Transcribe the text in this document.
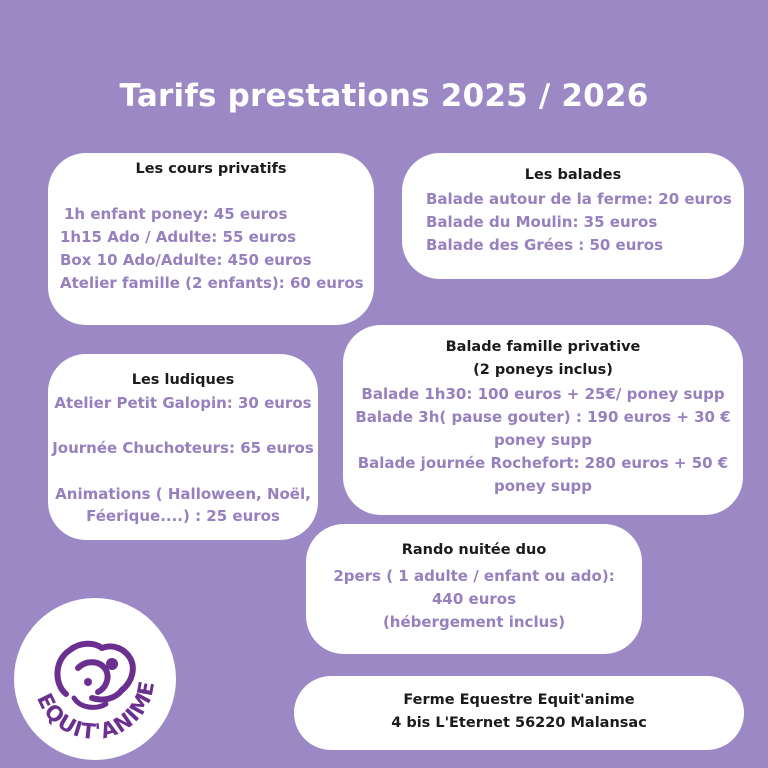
Tarifs prestations 2025 / 2026
Les cours privatifs
1h enfant poney: 45 euros
1h15 Ado / Adulte: 55 euros
Box 10 Ado/Adulte: 450 euros
Atelier famille (2 enfants): 60 euros
Les balades
Balade autour de la ferme: 20 euros
Balade du Moulin: 35 euros
Balade des Grées : 50 euros
Les ludiques
Atelier Petit Galopin: 30 euros
Journée Chuchoteurs: 65 euros
Animations ( Halloween, Noël,
Féerique....) : 25 euros
Balade famille privative
(2 poneys inclus)
Balade 1h30: 100 euros + 25€/ poney supp
Balade 3h( pause gouter) : 190 euros + 30 €
poney supp
Balade journée Rochefort: 280 euros + 50 €
poney supp
Rando nuitée duo
2pers ( 1 adulte / enfant ou ado):
440 euros
(hébergement inclus)
Ferme Equestre Equit'anime
4 bis L'Eternet 56220 Malansac
EQUIT'ANIME
